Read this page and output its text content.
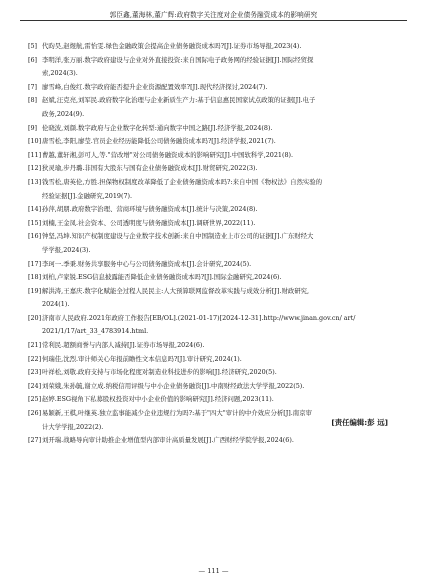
郭臣鑫,董海林,董广辉:政府数字关注度对企业债务融资成本的影响研究
[5] 代昀昊,赵煜航,雷怡雯.绿色金融政策会提高企业债务融资成本吗?[J].证券市场导报,2023(4).
[6] 李明洋,张万丽.数字政府建设与企业对外直接投资:来自国际电子政务网的经验证据[J].国际经贸探
索,2024(3).
[7] 廖雪峰,白俊红.数字政府能否提升企业资源配置效率?[J].现代经济探讨,2024(7).
[8] 赵斌,汪克亮,刘军民.政府数字化治理与企业新质生产力:基于信息惠民国家试点政策的证据[J].电子
政务,2024(9).
[9] 伦晓波,刘颜.数字政府与企业数字化转型:通向数字中国之路[J].经济学报,2024(8).
[10] 唐雪松,李阳,廖莹.官员企业经历能降低公司债务融资成本吗?[J].经济学报,2021(7).
[11] 曹越,董轩湘,彭可人,等."营改增"对公司债务融资成本的影响研究[J].中国软科学,2021(8).
[12] 狄灵瑜,步丹璐.非国有大股东与国有企业债务融资成本[J].财贸研究,2022(3).
[13] 钱雪松,唐英伦,方胜.担保物权制度改革降低了企业债务融资成本吗?:来自中国《物权法》自然实验的
经验证据[J].金融研究,2019(7).
[14] 孙萍,胡朋.政府数字治理、营商环境与债务融资成本[J].统计与决策,2024(8).
[15] 刘楠,王金凤.社会资本、公司透明度与债务融资成本[J].调研世界,2022(11).
[16] 钟坚,冯坤.知识产权制度建设与企业数字技术创新:来自中国制造业上市公司的证据[J].广东财经大
学学报,2024(3).
[17] 李珂一.季秉.财务共享服务中心与公司债务融资成本[J].会计研究,2024(5).
[18] 刘柏,卢家锐.ESG信息披露能否降低企业债务融资成本吗?[J].国际金融研究,2024(6).
[19] 解洪涛,王嘉庆.数字化赋能全过程人民民主:人大预算联网监督改革实践与成效分析[J].财政研究,
2024(1).
[20] 济南市人民政府.2021年政府工作报告[EB/OL].(2021-01-17)[2024-12-31].http://www.jinan.gov.cn/ art/
2021/1/17/art_33_4783914.html.
[21] 常利民.超额商誉与内部人减持[J].证券市场导报,2024(6).
[22] 何瑞佳,沈烈.审计师关心年报前瞻性文本信息吗?[J].审计研究,2024(1).
[23] 叶祥松,刘敬.政府支持与市场化程度对制造业科技进步的影响[J].经济研究,2020(5).
[24] 刘荣娥,朱孙毓,谢立成.纳税信用评级与中小企业债务融资[J].中南财经政法大学学报,2022(5).
[25] 赵婷.ESG视角下私募股权投资对中小企业价值的影响研究[J].经济问题,2023(11).
[26] 易颖新,王棋,叶继英.独立监事能减少企业违规行为吗?:基于"四大"审计的中介效应分析[J].南京审
计大学学报,2022(2).
[27] 刘开瑞.战略导向审计助推企业增值型内部审计高质量发展[J].广西财经学院学报,2024(6).
[责任编辑:彭 远]
— 111 —
